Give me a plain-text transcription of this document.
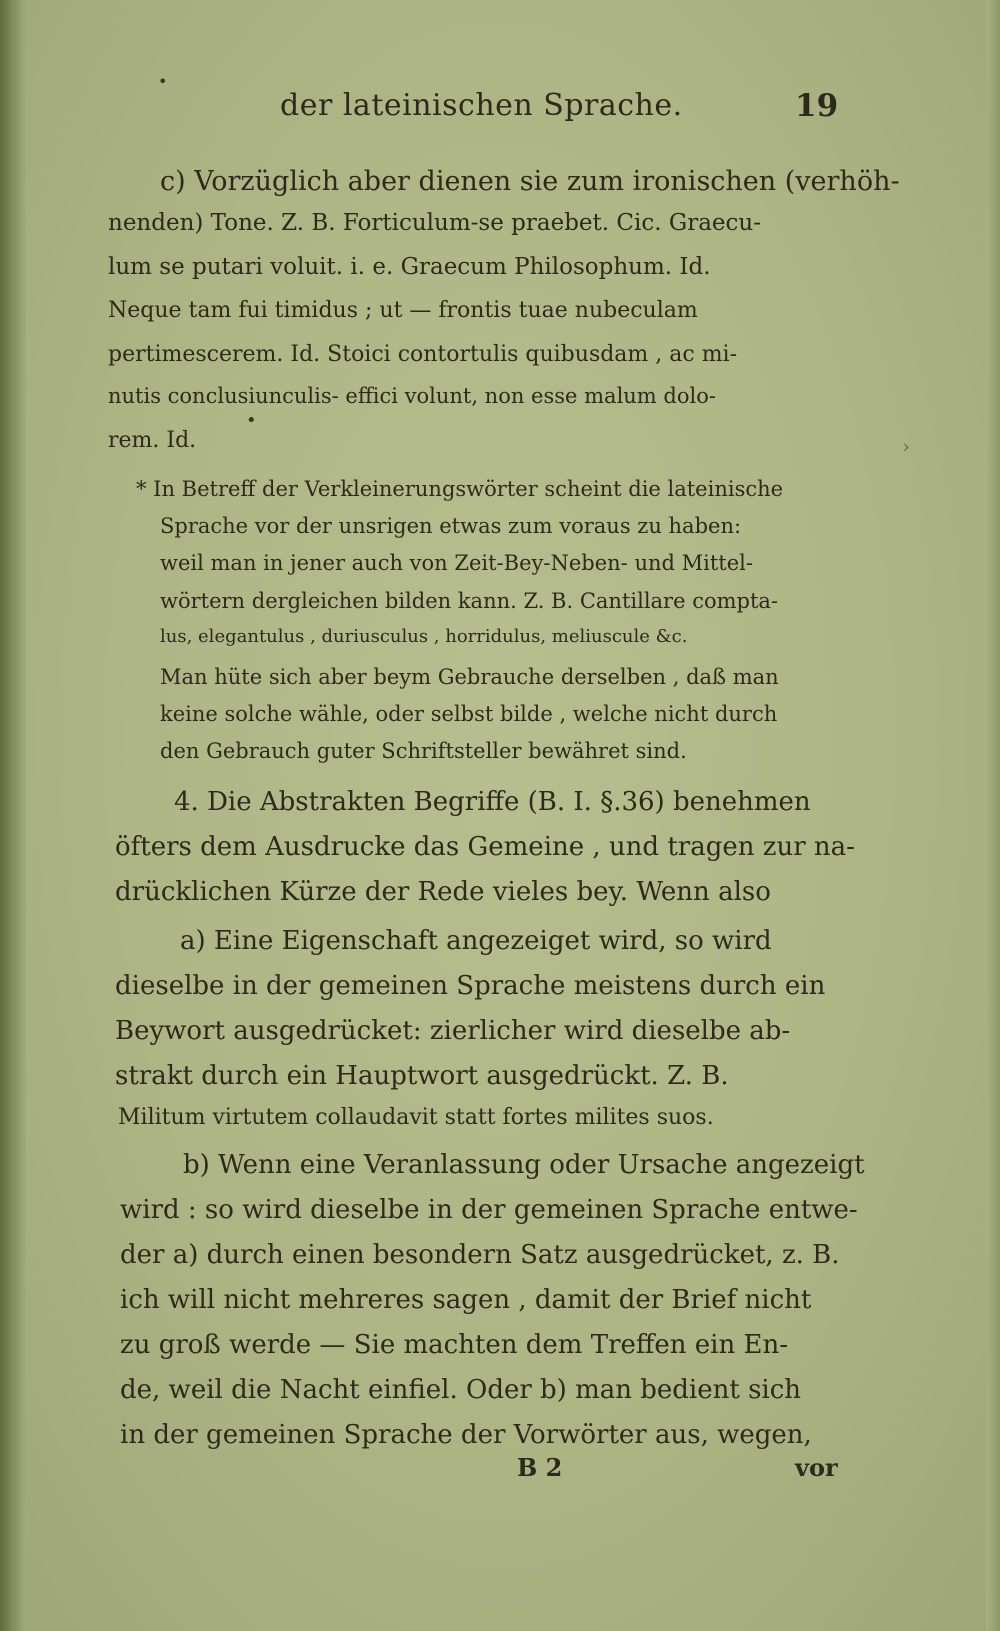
der lateinischen Sprache.	19
c) Vorzüglich aber dienen sie zum ironischen (verhöh-
nenden) Tone. Z. B. Forticulum-se praebet. Cic. Graecu-
lum se putari voluit. i. e. Graecum Philosophum. Id.
Neque tam fui timidus ; ut — frontis tuae nubeculam
pertimescerem. Id. Stoici contortulis quibusdam , ac mi-
nutis conclusiunculis- effici volunt, non esse malum dolo-
rem. Id.
* In Betreff der Verkleinerungswörter scheint die lateinische
Sprache vor der unsrigen etwas zum voraus zu haben:
weil man in jener auch von Zeit-Bey-Neben- und Mittel-
wörtern dergleichen bilden kann. Z. B. Cantillare compta-
lus, elegantulus , duriusculus , horridulus, meliusculе &c.
Man hüte sich aber beym Gebrauche derselben , daß man
keine solche wähle, oder selbst bilde , welche nicht durch
den Gebrauch guter Schriftsteller bewähret sind.
4. Die Abstrakten Begriffe (B. I. §.36) benehmen
öfters dem Ausdrucke das Gemeine , und tragen zur na-
drücklichen Kürze der Rede vieles bey. Wenn also
a) Eine Eigenschaft angezeiget wird, so wird
dieselbe in der gemeinen Sprache meistens durch ein
Beywort ausgedrücket: zierlicher wird dieselbe ab-
strakt durch ein Hauptwort ausgedrückt. Z. B.
Militum virtutem collaudavit statt fortes milites suos.
b) Wenn eine Veranlassung oder Ursache angezeigt
wird : so wird dieselbe in der gemeinen Sprache entwe-
der a) durch einen besondern Satz ausgedrücket, z. B.
ich will nicht mehreres sagen , damit der Brief nicht
zu groß werde — Sie machten dem Treffen ein En-
de, weil die Nacht einfiel. Oder b) man bedient sich
in der gemeinen Sprache der Vorwörter aus, wegen,
B 2	vor
•
•
›
